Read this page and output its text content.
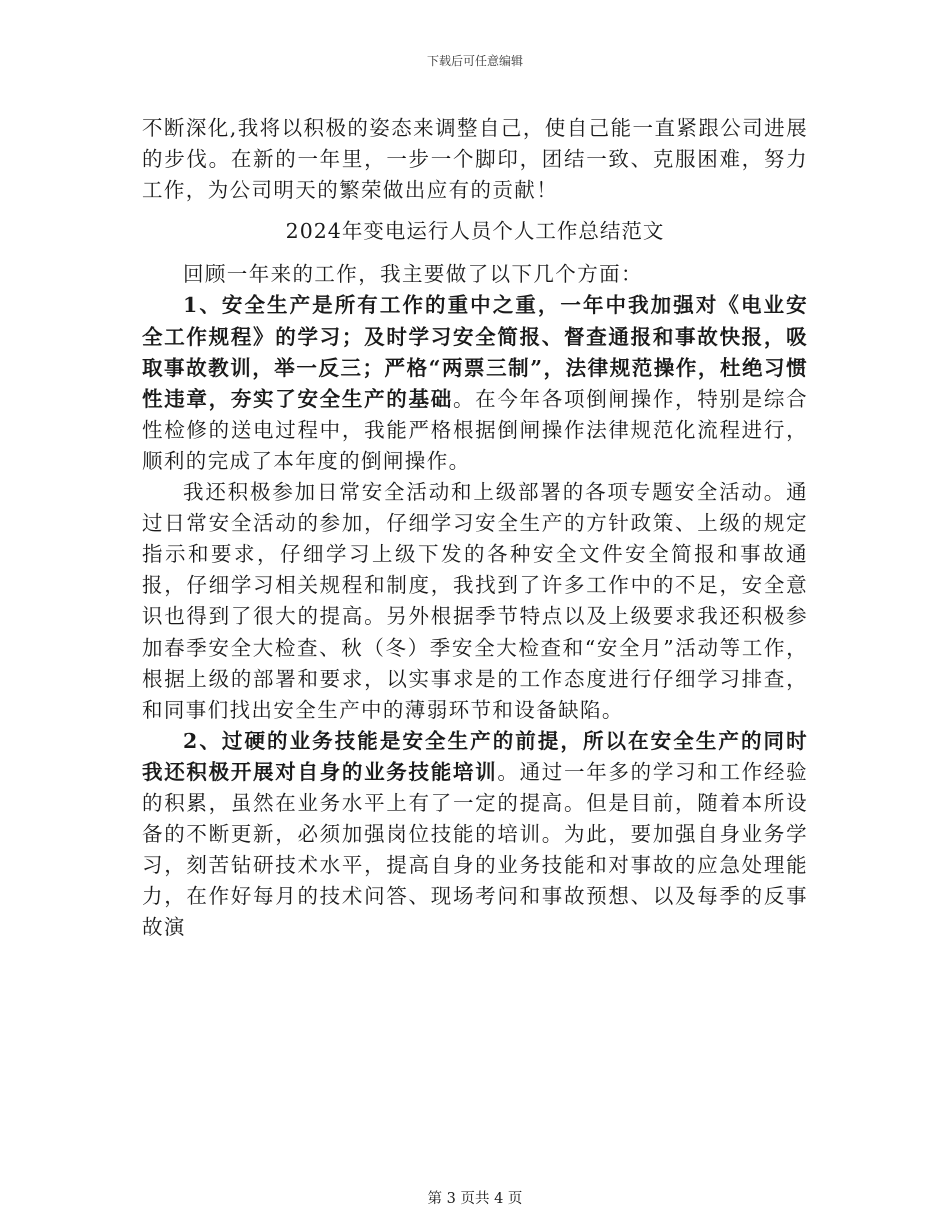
下载后可任意编辑

不断深化,我将以积极的姿态来调整自己，使自己能一直紧跟公司进展的步伐。在新的一年里，一步一个脚印，团结一致、克服困难，努力工作，为公司明天的繁荣做出应有的贡献！

2024年变电运行人员个人工作总结范文

回顾一年来的工作，我主要做了以下几个方面：

1、安全生产是所有工作的重中之重，一年中我加强对《电业安全工作规程》的学习；及时学习安全简报、督查通报和事故快报，吸取事故教训，举一反三；严格“两票三制”，法律规范操作，杜绝习惯性违章，夯实了安全生产的基础。在今年各项倒闸操作，特别是综合性检修的送电过程中，我能严格根据倒闸操作法律规范化流程进行，顺利的完成了本年度的倒闸操作。

我还积极参加日常安全活动和上级部署的各项专题安全活动。通过日常安全活动的参加，仔细学习安全生产的方针政策、上级的规定指示和要求，仔细学习上级下发的各种安全文件安全简报和事故通报，仔细学习相关规程和制度，我找到了许多工作中的不足，安全意识也得到了很大的提高。另外根据季节特点以及上级要求我还积极参加春季安全大检查、秋（冬）季安全大检查和“安全月”活动等工作，根据上级的部署和要求，以实事求是的工作态度进行仔细学习排查，和同事们找出安全生产中的薄弱环节和设备缺陷。

2、过硬的业务技能是安全生产的前提，所以在安全生产的同时我还积极开展对自身的业务技能培训。通过一年多的学习和工作经验的积累，虽然在业务水平上有了一定的提高。但是目前，随着本所设备的不断更新，必须加强岗位技能的培训。为此，要加强自身业务学习，刻苦钻研技术水平，提高自身的业务技能和对事故的应急处理能力，在作好每月的技术问答、现场考问和事故预想、以及每季的反事故演

第 3 页共 4 页
